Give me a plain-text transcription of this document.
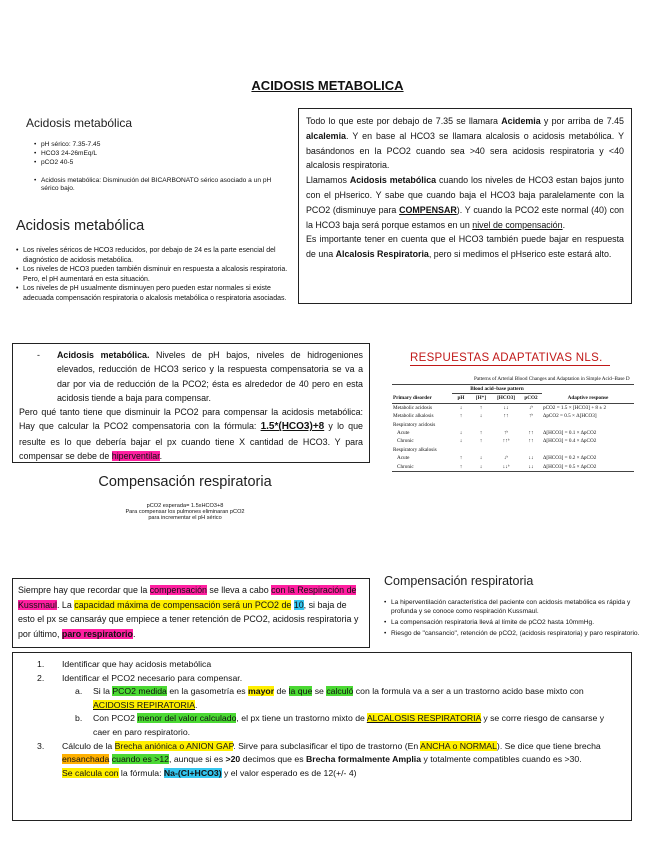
ACIDOSIS METABOLICA
Acidosis metabólica
• pH sérico: 7.35-7.45
• HCO3 24-26mEq/L
• pCO2 40-5
• Acidosis metabólica: Disminución del BICARBONATO sérico asociado a un pH sérico bajo.
Acidosis metabólica
• Los niveles séricos de HCO3 reducidos, por debajo de 24 es la parte esencial del diagnóstico de acidosis metabólica.
• Los niveles de HCO3 pueden también disminuir en respuesta a alcalosis respiratoria. Pero, el pH aumentará en esta situación.
• Los niveles de pH usualmente disminuyen pero pueden estar normales si existe adecuada compensación respiratoria o alcalosis metabólica o respiratoria asociadas.

Todo lo que este por debajo de 7.35 se llamara Acidemia y por arriba de 7.45 alcalemia. Y en base al HCO3 se llamara alcalosis o acidosis metabólica. Y basándonos en la PCO2 cuando sea >40 sera acidosis respiratoria y <40 alcalosis respiratoria.

Llamamos Acidosis metabólica cuando los niveles de HCO3 estan bajos junto con el pHserico. Y sabe que cuando baja el HCO3 baja paralelamente con la PCO2 (disminuye para COMPENSAR). Y cuando la PCO2 este normal (40) con la HCO3 baja será porque estamos en un nivel de compensación.

Es importante tener en cuenta que el HCO3 también puede bajar en respuesta de una Alcalosis Respiratoria, pero si medimos el pHserico este estará alto.

-	Acidosis metabólica. Niveles de pH bajos, niveles de hidrogeniones elevados, reducción de HCO3 serico y la respuesta compensatoria se va a dar por via de reducción de la PCO2; ésta es alrededor de 40 pero en esta acidosis tiende a baja para compensar.

Pero qué tanto tiene que disminuir la PCO2 para compensar la acidosis metabólica: Hay que calcular la PCO2 compensatoria con la fórmula: 1.5*(HCO3)+8 y lo que resulte es lo que debería bajar el px cuando tiene X cantidad de HCO3. Y para compensar se debe de hiperventilar.

RESPUESTAS ADAPTATIVAS NLS.
Patterns of Arterial Blood Changes and Adaptation in Simple Acid–Base D
	Blood acid–base pattern				
Primary disorder	pH	[H⁺]	[HCO3]	pCO2	Adaptive response
Metabolic acidosis	↓	↑	↓↓	↓ᵇ	pCO2 = 1.5 × [HCO3] + 8 ± 2
Metabolic alkalosis	↑	↓	↑↑	↑ᵇ	ΔpCO2 = 0.5 × Δ[HCO3]
Respiratory acidosis					
Acute	↓	↑	↑ᵇ	↑↑	Δ[HCO3] = 0.1 × ΔpCO2
Chronic	↓	↑	↑↑ᵇ	↑↑	Δ[HCO3] = 0.4 × ΔpCO2
Respiratory alkalosis					
Acute	↑	↓	↓ᵇ	↓↓	Δ[HCO3] = 0.2 × ΔpCO2
Chronic	↑	↓	↓↓ᵇ	↓↓	Δ[HCO3] = 0.5 × ΔpCO2
Compensación respiratoria
pCO2 esperada= 1.5xHCO3+8
Para compensar los pulmones eliminaran pCO2
para incrementar el pH sérico
Compensación respiratoria
• La hiperventilación característica del paciente con acidosis metabólica es rápida y profunda y se conoce como respiración Kussmaul.
• La compensación respiratoria llevá al límite de pCO2 hasta 10mmHg.
• Riesgo de "cansancio", retención de pCO2, (acidosis respiratoria) y paro respiratorio.

Siempre hay que recordar que la compensación se lleva a cabo con la Respiración de Kussmaul. La capacidad máxima de compensación será un PCO2 de 10, si baja de esto el px se cansaráy que empiece a tener retención de PCO2, acidosis respiratoria y por último, paro respiratorio.

1.	Identificar que hay acidosis metabólica
2.	Identificar el PCO2 necesario para compensar.
a.	Si la PCO2 medida en la gasometría es mayor de la que se calculó con la formula va a ser a un trastorno acido base mixto con ACIDOSIS REPIRATORIA.
b.	Con PCO2 menor del valor calculado, el px tiene un trastorno mixto de ALCALOSIS RESPIRATORIA y se corre riesgo de cansarse y caer en paro respiratorio.
3.	Cálculo de la Brecha aniónica o ANION GAP. Sirve para subclasificar el tipo de trastorno (En ANCHA o NORMAL). Se dice que tiene brecha ensanchada cuando es >12, aunque si es >20 decimos que es Brecha formalmente Amplia y totalmente compatibles cuando es >30.
Se calcula con la fórmula: Na-(Cl+HCO3) y el valor esperado es de 12(+/- 4)
